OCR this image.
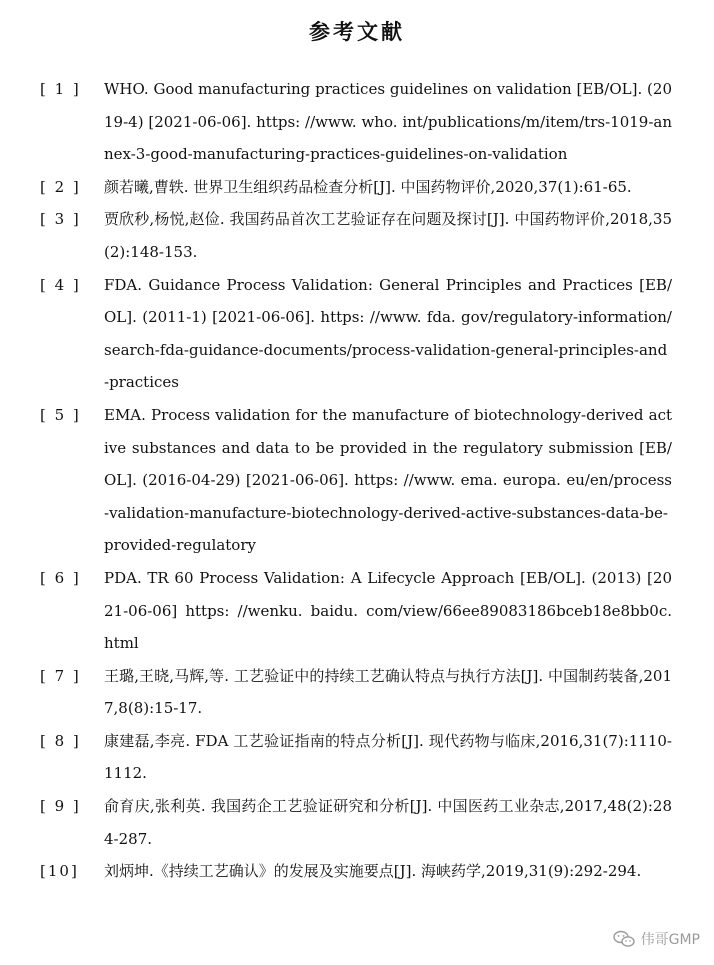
参考文献
[ 1 ]	WHO. Good manufacturing practices guidelines on validation [EB/OL]. (2019-4) [2021-06-06]. https: //www. who. int/publications/m/item/trs-1019-annex-3-good-manufacturing-practices-guidelines-on-validation
[ 2 ]	颜若曦,曹轶. 世界卫生组织药品检查分析[J]. 中国药物评价,2020,37(1):61-65.
[ 3 ]	贾欣秒,杨悦,赵俭. 我国药品首次工艺验证存在问题及探讨[J]. 中国药物评价,2018,35(2):148-153.
[ 4 ]	FDA. Guidance Process Validation: General Principles and Practices [EB/OL]. (2011-1) [2021-06-06]. https: //www. fda. gov/regulatory-information/search-fda-guidance-documents/process-validation-general-principles-and-practices
[ 5 ]	EMA. Process validation for the manufacture of biotechnology-derived active substances and data to be provided in the regulatory submission [EB/OL]. (2016-04-29) [2021-06-06]. https: //www. ema. europa. eu/en/process-validation-manufacture-biotechnology-derived-active-substances-data-be-provided-regulatory
[ 6 ]	PDA. TR 60 Process Validation: A Lifecycle Approach [EB/OL]. (2013) [2021-06-06] https: //wenku. baidu. com/view/66ee89083186bceb18e8bb0c. html
[ 7 ]	王璐,王晓,马辉,等. 工艺验证中的持续工艺确认特点与执行方法[J]. 中国制药装备,2017,8(8):15-17.
[ 8 ]	康建磊,李亮. FDA 工艺验证指南的特点分析[J]. 现代药物与临床,2016,31(7):1110-1112.
[ 9 ]	俞育庆,张利英. 我国药企工艺验证研究和分析[J]. 中国医药工业杂志,2017,48(2):284-287.
[10]	刘炳坤.《持续工艺确认》的发展及实施要点[J]. 海峡药学,2019,31(9):292-294.
伟哥GMP
